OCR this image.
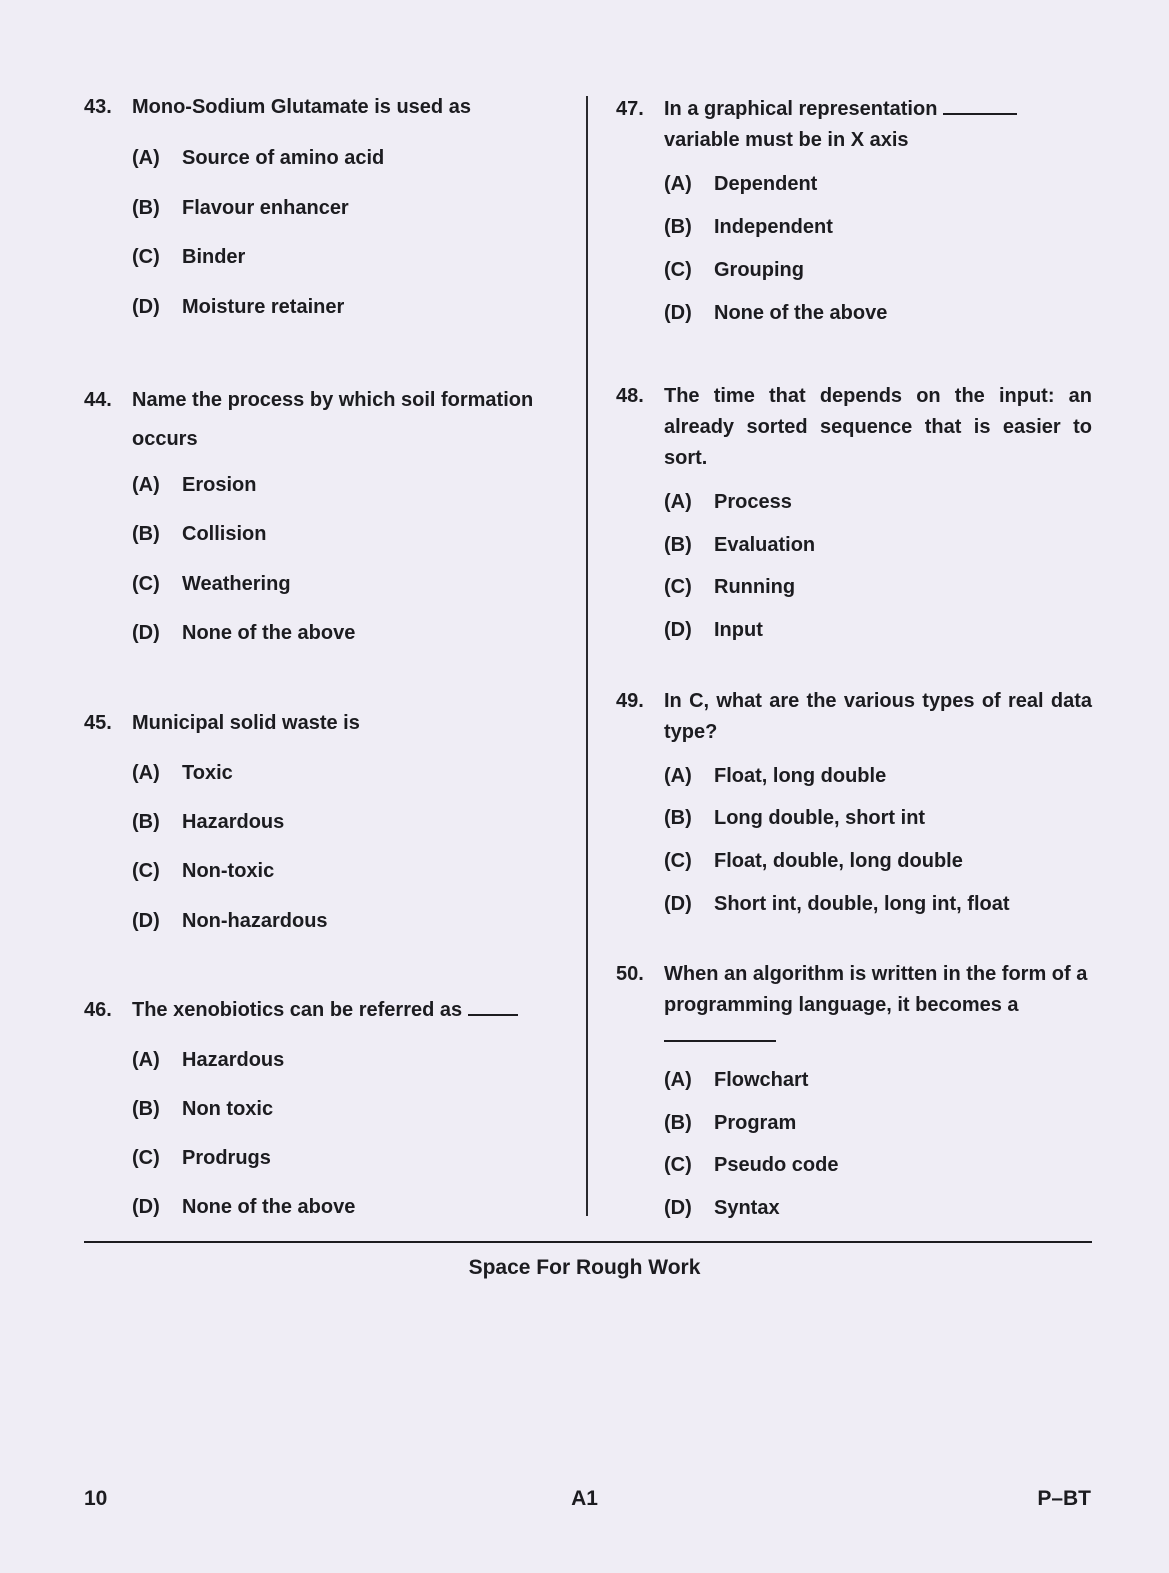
43.	Mono-Sodium Glutamate is used as
(A)	Source of amino acid
(B)	Flavour enhancer
(C)	Binder
(D)	Moisture retainer
44.	Name the process by which soil formation occurs
(A)	Erosion
(B)	Collision
(C)	Weathering
(D)	None of the above
45.	Municipal solid waste is
(A)	Toxic
(B)	Hazardous
(C)	Non-toxic
(D)	Non-hazardous
46.	The xenobiotics can be referred as
(A)	Hazardous
(B)	Non toxic
(C)	Prodrugs
(D)	None of the above
47.	In a graphical representation
variable must be in X axis
(A)	Dependent
(B)	Independent
(C)	Grouping
(D)	None of the above
48.	The time that depends on the input: an already sorted sequence that is easier to sort.
(A)	Process
(B)	Evaluation
(C)	Running
(D)	Input
49.	In C, what are the various types of real data type?
(A)	Float, long double
(B)	Long double, short int
(C)	Float, double, long double
(D)	Short int, double, long int, float
50.	When an algorithm is written in the form of a programming language, it becomes a
(A)	Flowchart
(B)	Program
(C)	Pseudo code
(D)	Syntax
Space For Rough Work
10	A1	P–BT
